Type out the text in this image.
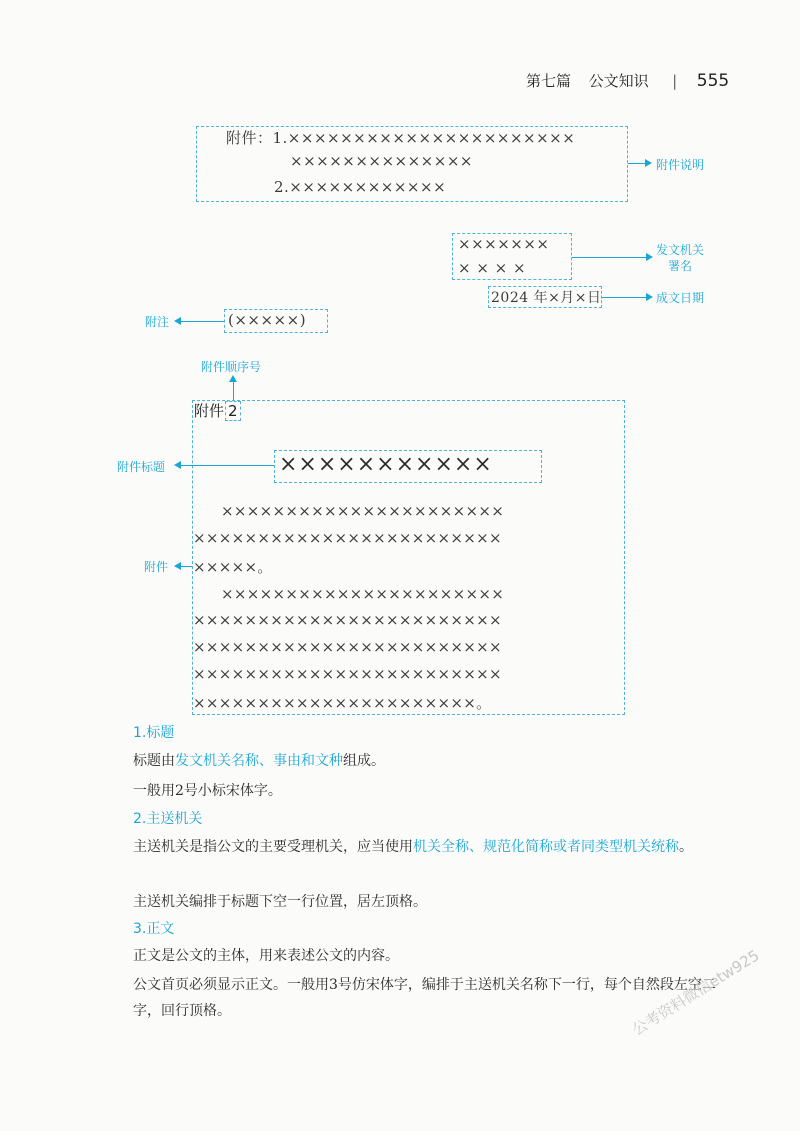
第七篇 公文知识 | 555
附件：1.××××××××××××××××××××××
××××××××××××××
2.××××××××××××
附件说明
×××××××
× × × ×
发文机关
署名
2024 年×月×日	成文日期
附注	(×××××)
附件顺序号
附件 2
附件标题	×××××××××××
××××××××××××××××××××××
××××××××××××××××××××××××
×××××。
××××××××××××××××××××××
××××××××××××××××××××××××
××××××××××××××××××××××××
××××××××××××××××××××××××
××××××××××××××××××××××。
附件
1.标题
标题由发文机关名称、事由和文种组成。
一般用2号小标宋体字。
2.主送机关
主送机关是指公文的主要受理机关，应当使用机关全称、规范化简称或者同类型机关统称。
主送机关编排于标题下空一行位置，居左顶格。
3.正文
正文是公文的主体，用来表述公文的内容。
公文首页必须显示正文。一般用3号仿宋体字，编排于主送机关名称下一行，每个自然段左空二字，回行顶格。	公考资料微信etw925
